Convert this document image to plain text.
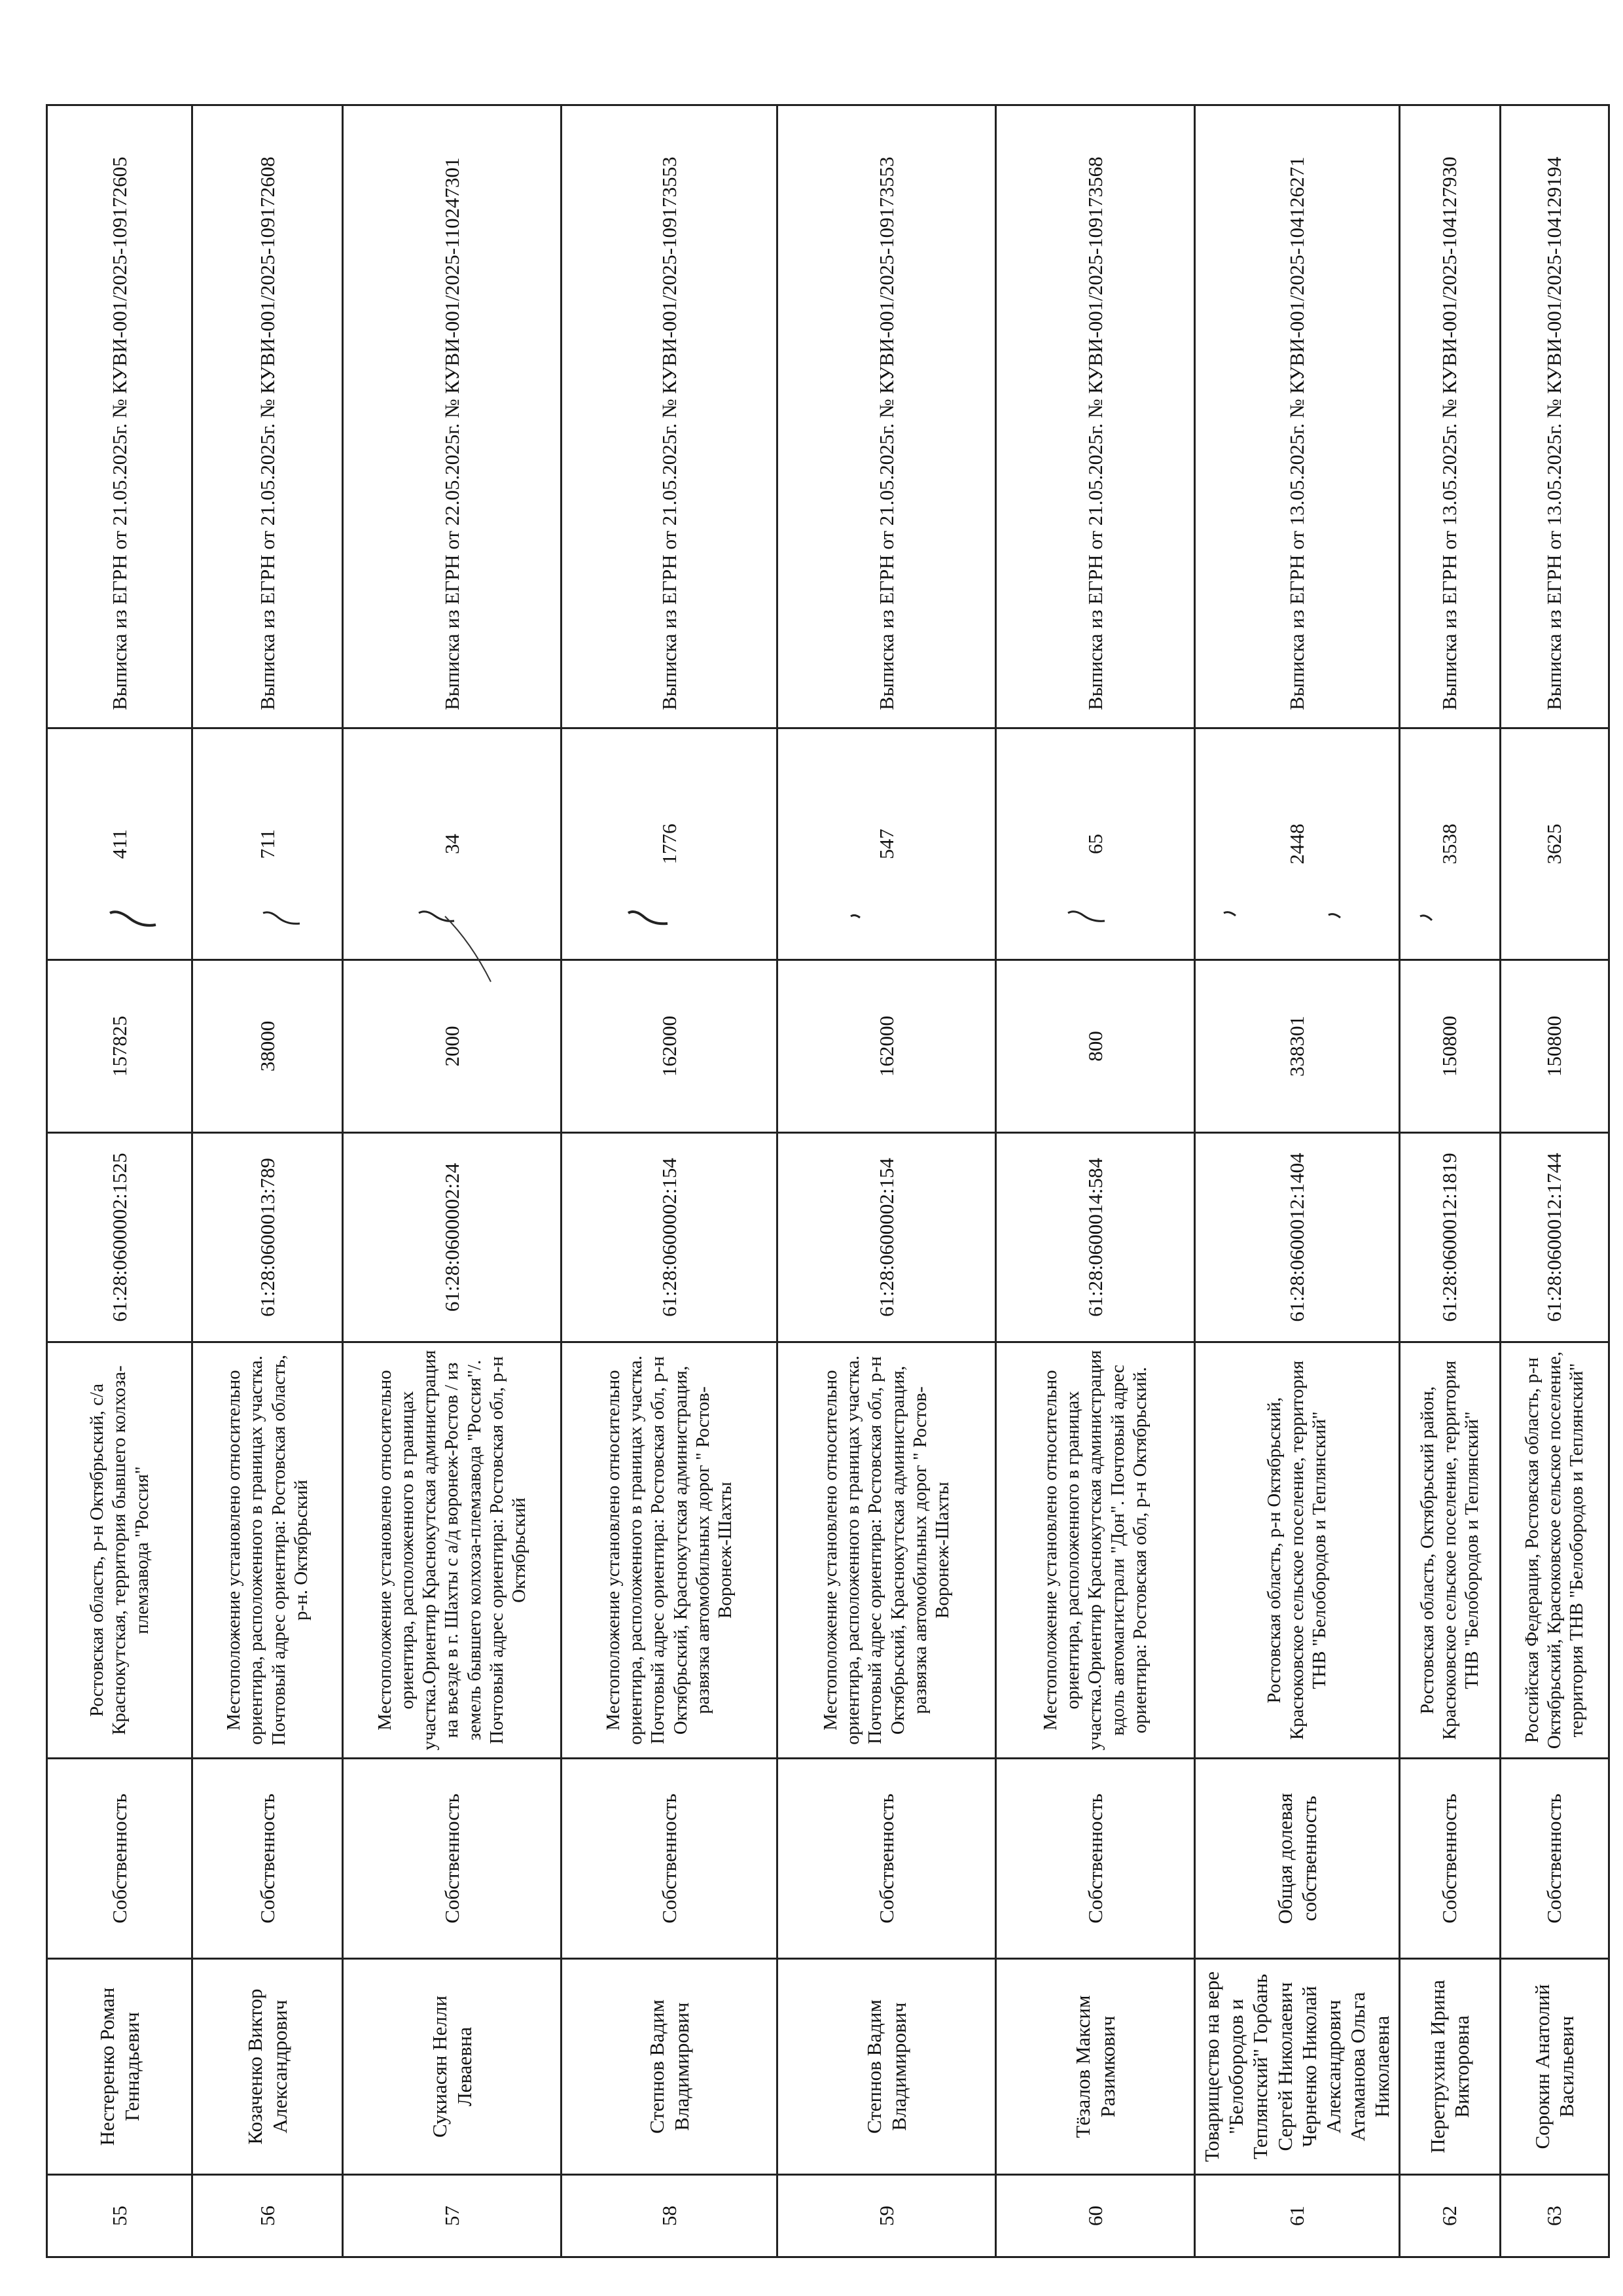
55	Нестеренко Роман Геннадьевич	Собственность	Ростовская область, р-н Октябрьский, с/а Краснокутская, территория бывшего колхоза-племзавода "Россия"	61:28:0600002:1525	157825	411	Выписка из ЕГРН от 21.05.2025г. № КУВИ-001/2025-109172605
56	Козаченко Виктор Александрович	Собственность	Местоположение установлено относительно ориентира, расположенного в границах участка. Почтовый адрес ориентира: Ростовская область, р-н. Октябрьский	61:28:0600013:789	38000	711	Выписка из ЕГРН от 21.05.2025г. № КУВИ-001/2025-109172608
57	Сукиасян Нелли Леваевна	Собственность	Местоположение установлено относительно ориентира, расположенного в границах участка.Ориентир Краснокутская администрация на въезде в г. Шахты с а/д воронеж-Ростов / из земель бывшего колхоза-племзавода "Россия"/. Почтовый адрес ориентира: Ростовская обл, р-н Октябрьский	61:28:0600002:24	2000	34	Выписка из ЕГРН от 22.05.2025г. № КУВИ-001/2025-110247301
58	Степнов Вадим Владимирович	Собственность	Местоположение установлено относительно ориентира, расположенного в границах участка. Почтовый адрес ориентира: Ростовская обл, р-н Октябрьский, Краснокутская администрация, развязка автомобильных дорог " Ростов-Воронеж-Шахты	61:28:0600002:154	162000	1776	Выписка из ЕГРН от 21.05.2025г. № КУВИ-001/2025-109173553
59	Степнов Вадим Владимирович	Собственность	Местоположение установлено относительно ориентира, расположенного в границах участка. Почтовый адрес ориентира: Ростовская обл, р-н Октябрьский, Краснокутская администрация, развязка автомобильных дорог " Ростов-Воронеж-Шахты	61:28:0600002:154	162000	547	Выписка из ЕГРН от 21.05.2025г. № КУВИ-001/2025-109173553
60	Тёзалов Максим Разимкович	Собственность	Местоположение установлено относительно ориентира, расположенного в границах участка.Ориентир Краснокутская администрация вдоль автомагистрали "Дон". Почтовый адрес ориентира: Ростовская обл, р-н Октябрьский.	61:28:0600014:584	800	65	Выписка из ЕГРН от 21.05.2025г. № КУВИ-001/2025-109173568
61	Товарищество на вере "Белобородов и Теплянский" Горбань Сергей Николаевич Черненко Николай Александрович Атаманова Ольга Николаевна	Общая долевая собственность	Ростовская область, р-н Октябрьский, Красюковское сельское поселение, территория ТНВ "Белобородов и Теплянский"	61:28:0600012:1404	338301	2448	Выписка из ЕГРН от 13.05.2025г. № КУВИ-001/2025-104126271
62	Перетрухина Ирина Викторовна	Собственность	Ростовская область, Октябрьский район, Красюковское сельское поселение, территория ТНВ "Белобородов и Теплянский"	61:28:0600012:1819	150800	3538	Выписка из ЕГРН от 13.05.2025г. № КУВИ-001/2025-104127930
63	Сорокин Анатолий Васильевич	Собственность	Российская Федерация, Ростовская область, р-н Октябрьский, Красюковское сельское поселение, территория ТНВ "Белобородов и Теплянский"	61:28:0600012:1744	150800	3625	Выписка из ЕГРН от 13.05.2025г. № КУВИ-001/2025-104129194
